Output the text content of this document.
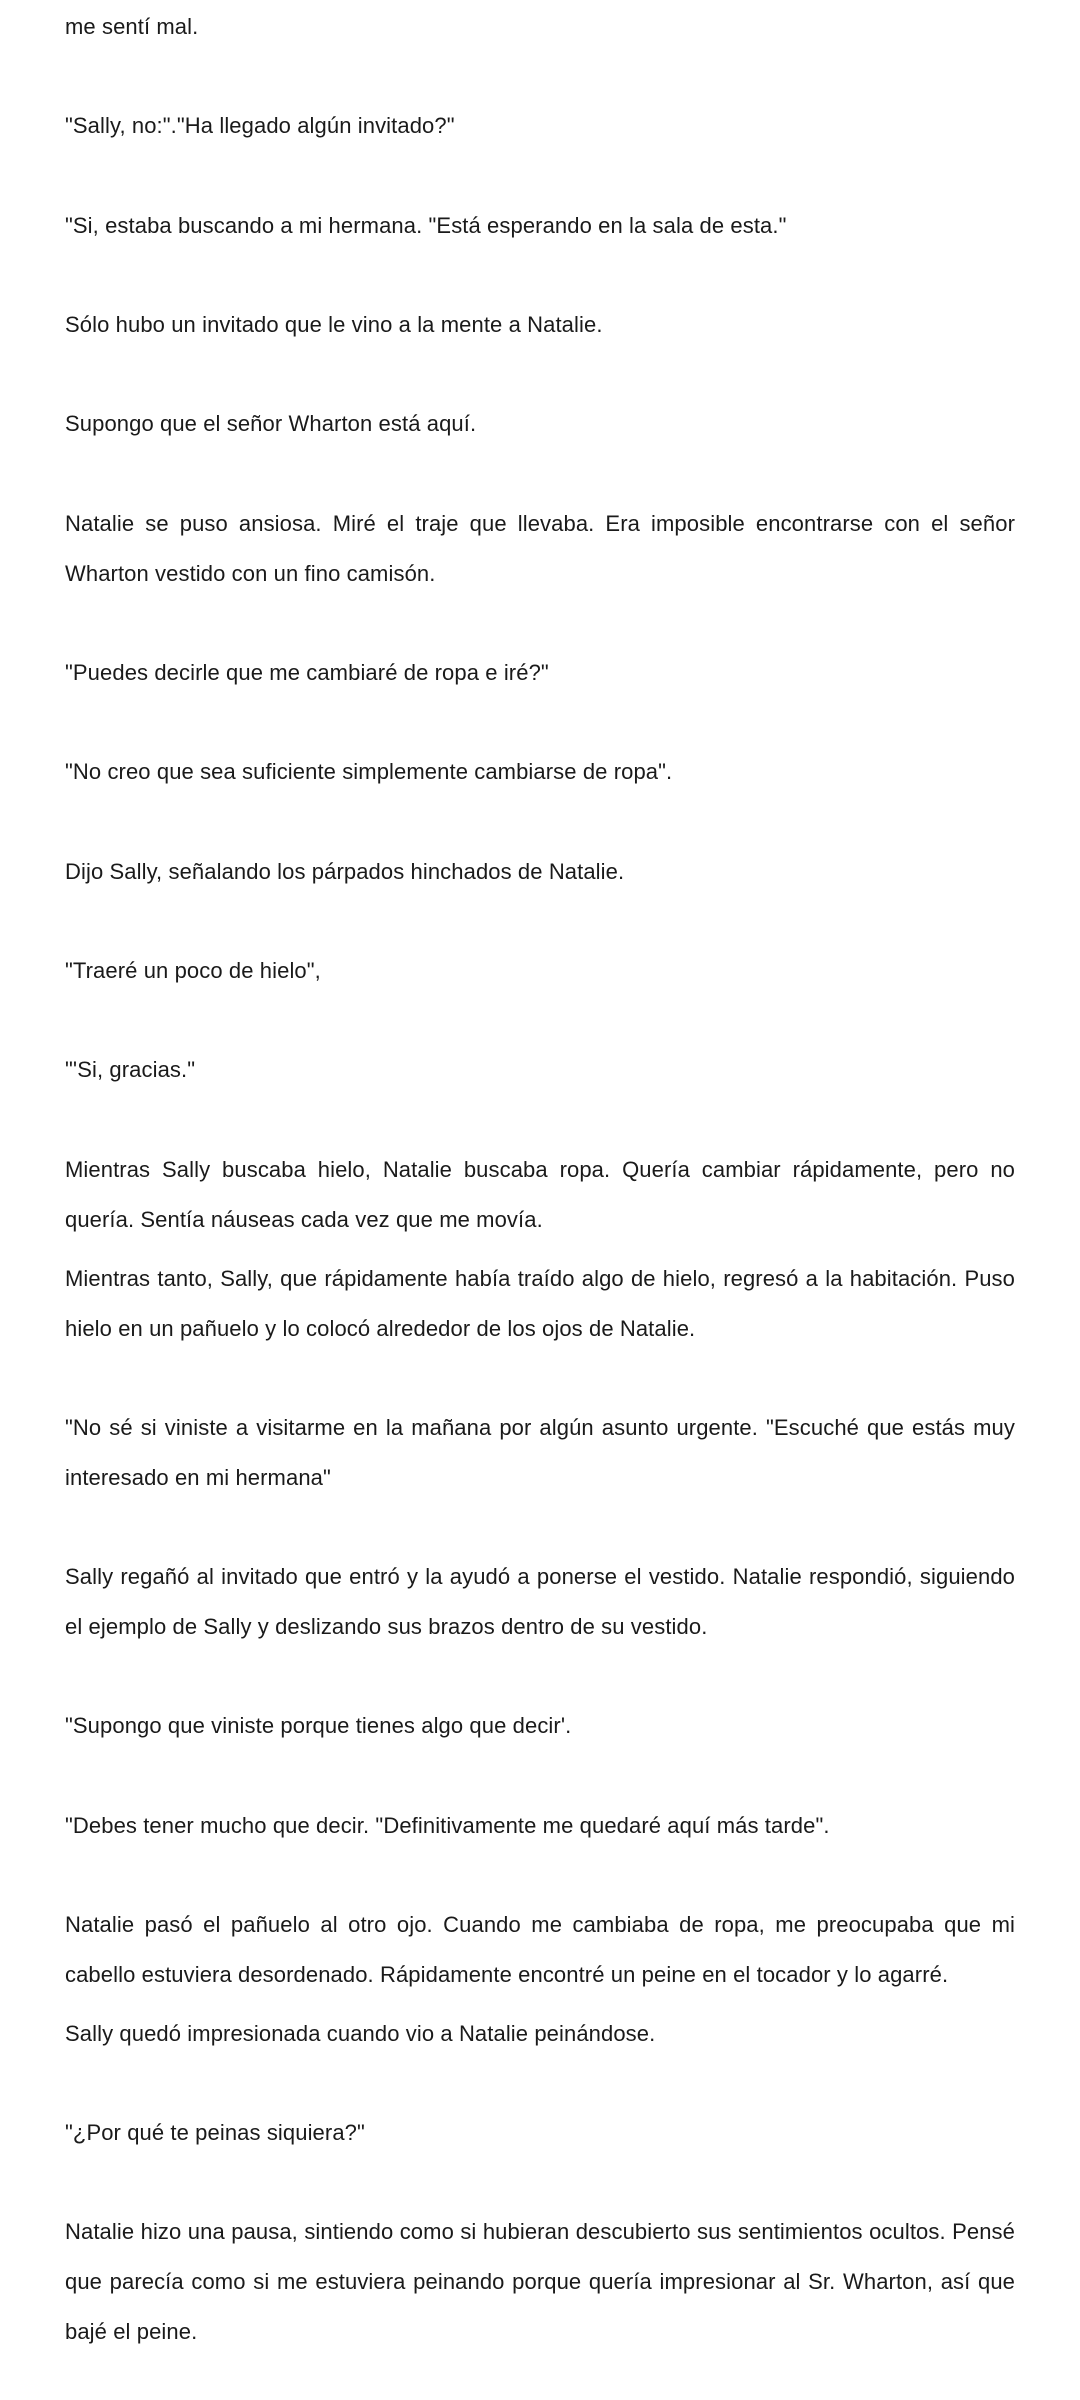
me sentí mal.

"Sally, no:"."Ha llegado algún invitado?"

"Si, estaba buscando a mi hermana. "Está esperando en la sala de esta."

Sólo hubo un invitado que le vino a la mente a Natalie.

Supongo que el señor Wharton está aquí.

Natalie se puso ansiosa. Miré el traje que llevaba. Era imposible encontrarse con el señor Wharton vestido con un fino camisón.

"Puedes decirle que me cambiaré de ropa e iré?"

"No creo que sea suficiente simplemente cambiarse de ropa".

Dijo Sally, señalando los párpados hinchados de Natalie.

"Traeré un poco de hielo",

"'Si, gracias."

Mientras Sally buscaba hielo, Natalie buscaba ropa. Quería cambiar rápidamente, pero no quería. Sentía náuseas cada vez que me movía.

Mientras tanto, Sally, que rápidamente había traído algo de hielo, regresó a la habitación. Puso hielo en un pañuelo y lo colocó alrededor de los ojos de Natalie.

"No sé si viniste a visitarme en la mañana por algún asunto urgente. "Escuché que estás muy interesado en mi hermana"

Sally regañó al invitado que entró y la ayudó a ponerse el vestido. Natalie respondió, siguiendo el ejemplo de Sally y deslizando sus brazos dentro de su vestido.

"Supongo que viniste porque tienes algo que decir'.

"Debes tener mucho que decir. "Definitivamente me quedaré aquí más tarde".

Natalie pasó el pañuelo al otro ojo. Cuando me cambiaba de ropa, me preocupaba que mi cabello estuviera desordenado. Rápidamente encontré un peine en el tocador y lo agarré.

Sally quedó impresionada cuando vio a Natalie peinándose.

"¿Por qué te peinas siquiera?"

Natalie hizo una pausa, sintiendo como si hubieran descubierto sus sentimientos ocultos. Pensé que parecía como si me estuviera peinando porque quería impresionar al Sr. Wharton, así que bajé el peine.
